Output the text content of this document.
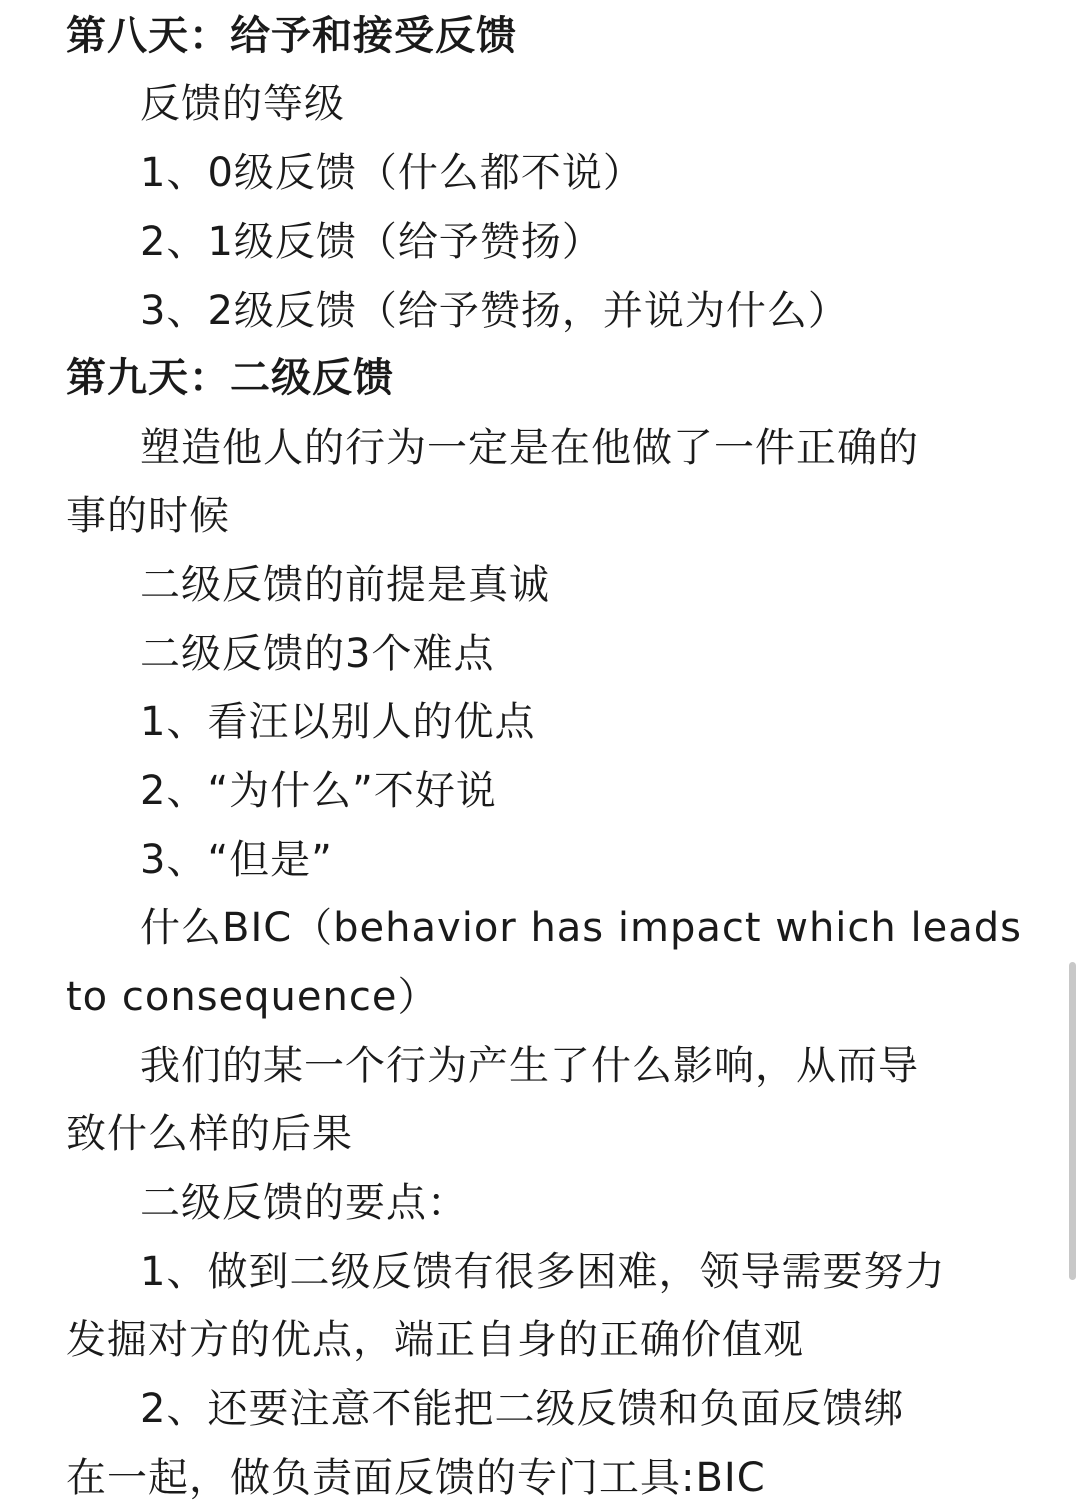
第八天：给予和接受反馈
反馈的等级
1、0级反馈（什么都不说）
2、1级反馈（给予赞扬）
3、2级反馈（给予赞扬，并说为什么）
第九天：二级反馈
塑造他人的行为一定是在他做了一件正确的
事的时候
二级反馈的前提是真诚
二级反馈的3个难点
1、看汪以别人的优点
2、“为什么”不好说
3、“但是”
什么BIC（behavior has impact which leads
to consequence）
我们的某一个行为产生了什么影响，从而导
致什么样的后果
二级反馈的要点：
1、做到二级反馈有很多困难，领导需要努力
发掘对方的优点，端正自身的正确价值观
2、还要注意不能把二级反馈和负面反馈绑
在一起，做负责面反馈的专门工具:BIC
